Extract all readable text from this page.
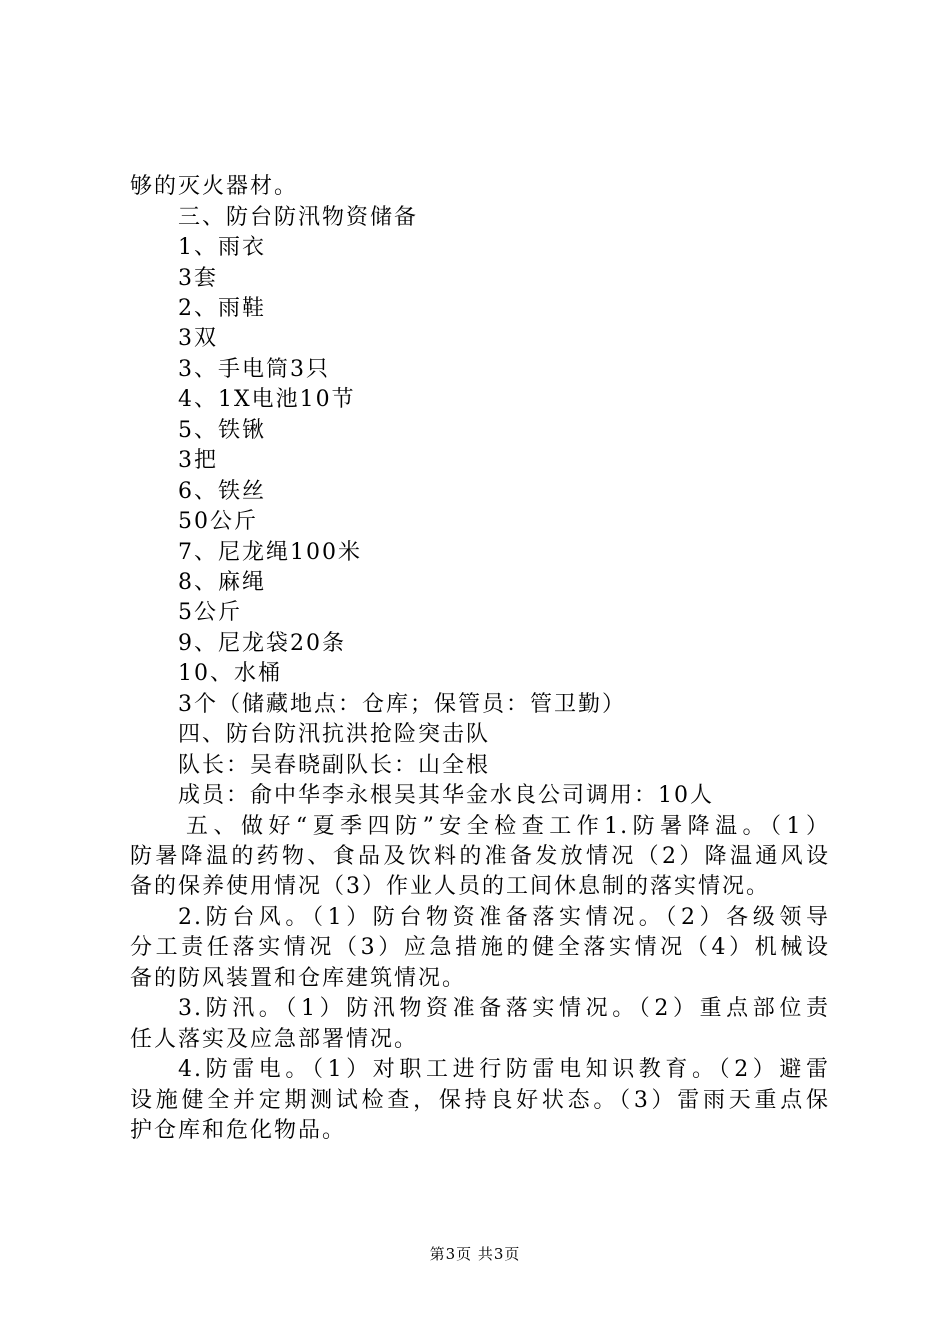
够的灭火器材。
三、防台防汛物资储备
1、雨衣
3套
2、雨鞋
3双
3、手电筒3只
4、1X电池10节
5、铁锹
3把
6、铁丝
50公斤
7、尼龙绳100米
8、麻绳
5公斤
9、尼龙袋20条
10、水桶
3个（储藏地点：仓库；保管员：管卫勤）
四、防台防汛抗洪抢险突击队
队长：吴春晓副队长：山全根
成员：俞中华李永根吴其华金水良公司调用：10人
五、做好“夏季四防”安全检查工作1.防暑降温。（1）
防暑降温的药物、食品及饮料的准备发放情况（2）降温通风设
备的保养使用情况（3）作业人员的工间休息制的落实情况。
2.防台风。（1）防台物资准备落实情况。（2）各级领导
分工责任落实情况（3）应急措施的健全落实情况（4）机械设
备的防风装置和仓库建筑情况。
3.防汛。（1）防汛物资准备落实情况。（2）重点部位责
任人落实及应急部署情况。
4.防雷电。（1）对职工进行防雷电知识教育。（2）避雷
设施健全并定期测试检查，保持良好状态。（3）雷雨天重点保
护仓库和危化物品。
第3页 共3页
